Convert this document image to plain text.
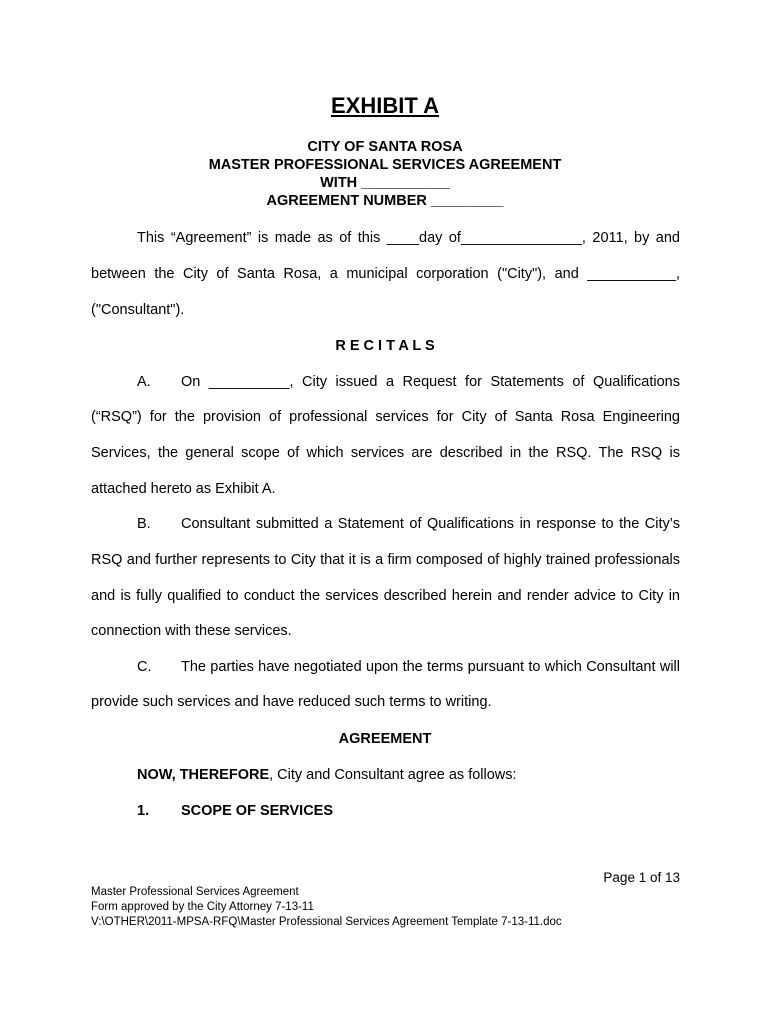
EXHIBIT A
CITY OF SANTA ROSA
MASTER PROFESSIONAL SERVICES AGREEMENT
WITH ___________
AGREEMENT NUMBER _________
This “Agreement” is made as of this ____day of_______________, 2011, by and
between the City of Santa Rosa, a municipal corporation ("City"), and ___________,
("Consultant").
R E C I T A L S
A. On __________, City issued a Request for Statements of Qualifications
(“RSQ”) for the provision of professional services for City of Santa Rosa Engineering
Services, the general scope of which services are described in the RSQ. The RSQ is
attached hereto as Exhibit A.
B. Consultant submitted a Statement of Qualifications in response to the City’s
RSQ and further represents to City that it is a firm composed of highly trained professionals
and is fully qualified to conduct the services described herein and render advice to City in
connection with these services.
C. The parties have negotiated upon the terms pursuant to which Consultant will
provide such services and have reduced such terms to writing.
AGREEMENT
NOW, THEREFORE, City and Consultant agree as follows:
1. SCOPE OF SERVICES
Page 1 of 13
Master Professional Services Agreement
Form approved by the City Attorney 7-13-11
V:\OTHER\2011-MPSA-RFQ\Master Professional Services Agreement Template 7-13-11.doc
